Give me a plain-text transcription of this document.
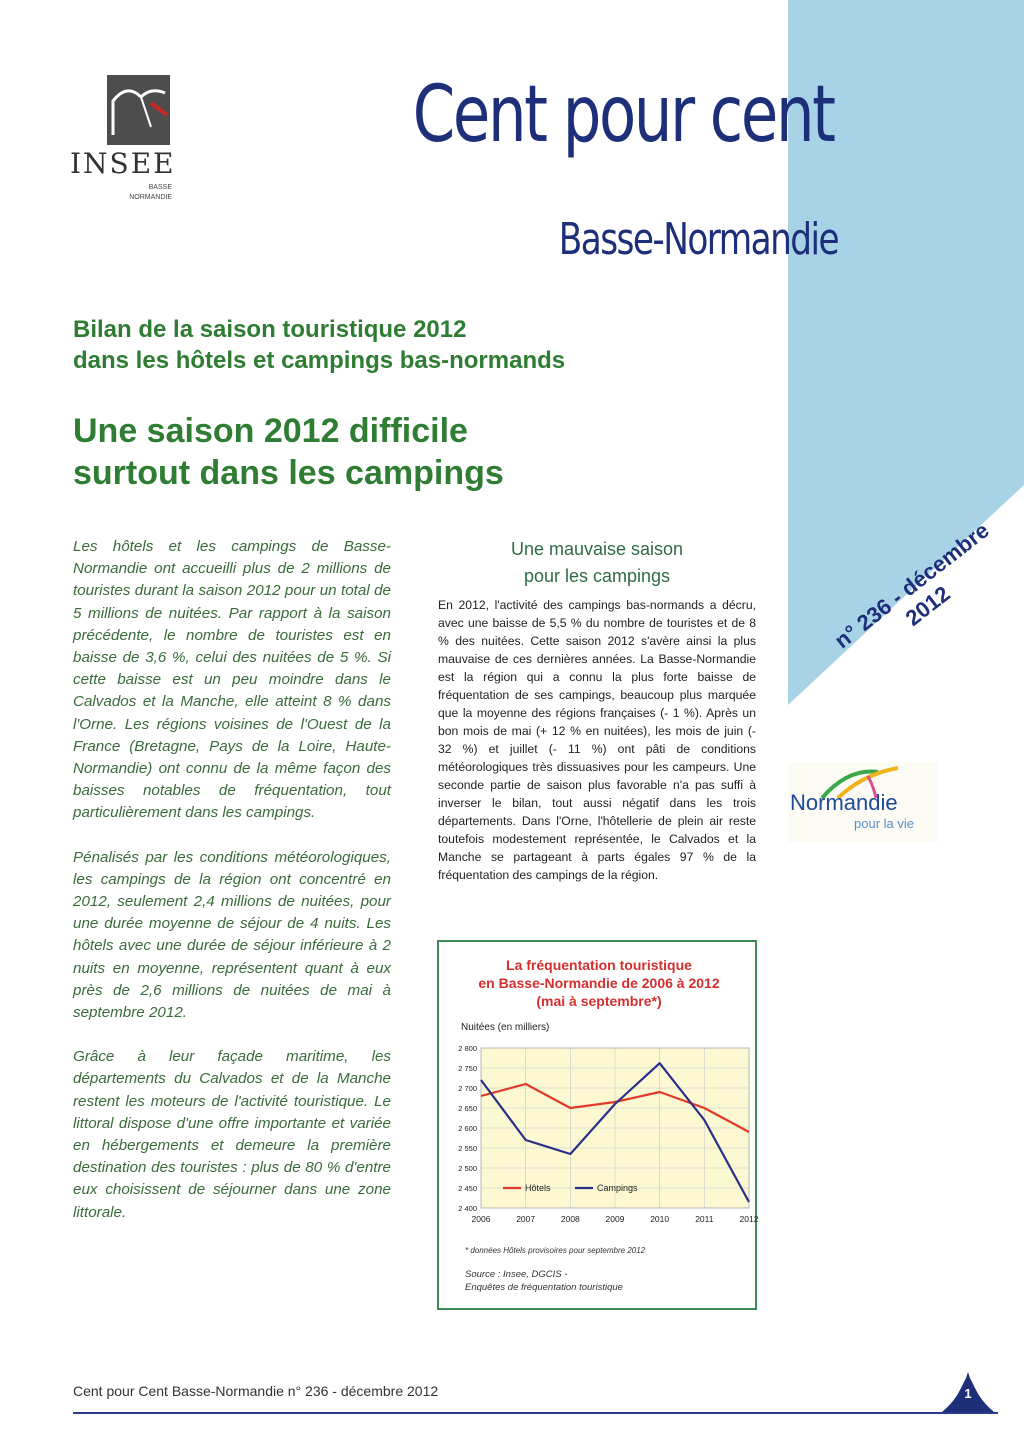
INSEE
BASSE
NORMANDIE
Cent pour cent
Basse-Normandie
Bilan de la saison touristique 2012
dans les hôtels et campings bas-normands
Une saison 2012 difficile
surtout dans les campings
n° 236 - décembre 2012

Les hôtels et les campings de Basse-Normandie ont accueilli plus de 2 millions de touristes durant la saison 2012 pour un total de 5 millions de nuitées. Par rapport à la saison précédente, le nombre de touristes est en baisse de 3,6 %, celui des nuitées de 5 %. Si cette baisse est un peu moindre dans le Calvados et la Manche, elle atteint 8 % dans l'Orne. Les régions voisines de l'Ouest de la France (Bretagne, Pays de la Loire, Haute-Normandie) ont connu de la même façon des baisses notables de fréquentation, tout particulièrement dans les campings.

Pénalisés par les conditions météorologiques, les campings de la région ont concentré en 2012, seulement 2,4 millions de nuitées, pour une durée moyenne de séjour de 4 nuits. Les hôtels avec une durée de séjour inférieure à 2 nuits en moyenne, représentent quant à eux près de 2,6 millions de nuitées de mai à septembre 2012.

Grâce à leur façade maritime, les départements du Calvados et de la Manche restent les moteurs de l'activité touristique. Le littoral dispose d'une offre importante et variée en hébergements et demeure la première destination des touristes : plus de 80 % d'entre eux choisissent de séjourner dans une zone littorale.

Une mauvaise saison
pour les campings

En 2012, l'activité des campings bas-normands a décru, avec une baisse de 5,5 % du nombre de touristes et de 8 % des nuitées. Cette saison 2012 s'avère ainsi la plus mauvaise de ces dernières années. La Basse-Normandie est la région qui a connu la plus forte baisse de fréquentation de ses campings, beaucoup plus marquée que la moyenne des régions françaises (- 1 %). Après un bon mois de mai (+ 12 % en nuitées), les mois de juin (- 32 %) et juillet (- 11 %) ont pâti de conditions météorologiques très dissuasives pour les campeurs. Une seconde partie de saison plus favorable n'a pas suffi à inverser le bilan, tout aussi négatif dans les trois départements. Dans l'Orne, l'hôtellerie de plein air reste toutefois modestement représentée, le Calvados et la Manche se partageant à parts égales 97 % de la fréquentation des campings de la région.

Normandie
pour la vie
La fréquentation touristique
en Basse-Normandie de 2006 à 2012
(mai à septembre*)
Nuitées (en milliers)
2 400
2 450
2 500
2 550
2 600
2 650
2 700
2 750
2 800
2006	2007	2008	2009	2010	2011	2012
Hôtels	Campings
* données Hôtels provisoires pour septembre 2012
Source : Insee, DGCIS -
Enquêtes de fréquentation touristique
Cent pour Cent Basse-Normandie n° 236 - décembre 2012	1
